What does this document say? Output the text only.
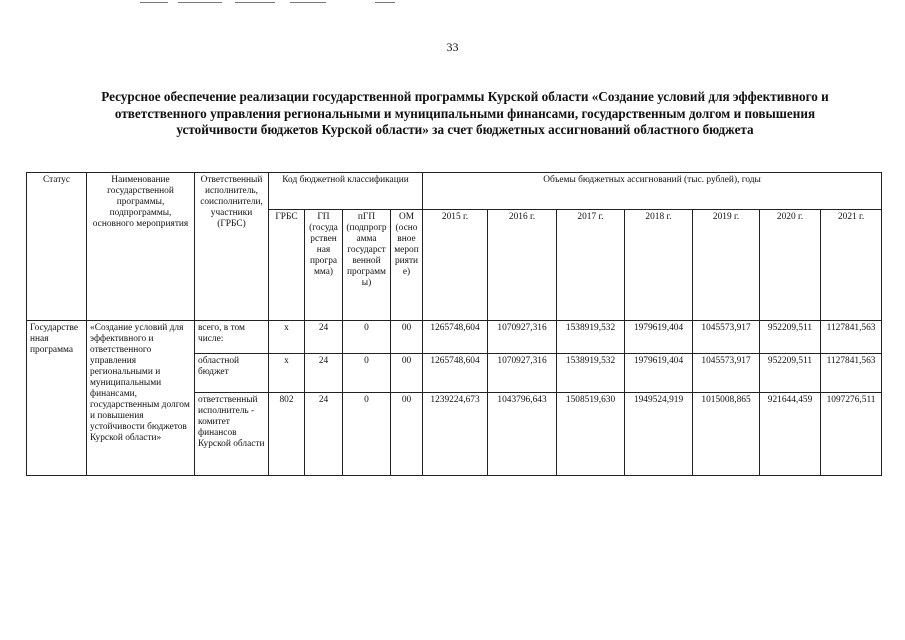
33
Ресурсное обеспечение реализации государственной программы Курской области «Создание условий для эффективного и ответственного управления региональными и муниципальными финансами, государственным долгом и повышения устойчивости бюджетов Курской области» за счет бюджетных ассигнований областного бюджета
Статус	Наименование государственной программы, подпрограммы, основного мероприятия	Ответственный исполнитель, соисполнители, участники (ГРБС)	Код бюджетной классификации				Объемы бюджетных ассигнований (тыс. рублей), годы						
			ГРБС	ГП (государственная программа)	пГП (подпрограмма государственной программы)	ОМ (основное мероприятие)	2015 г.	2016 г.	2017 г.	2018 г.	2019 г.	2020 г.	2021 г.
Государственная программа	«Создание условий для эффективного и ответственного управления региональными и муниципальными финансами, государственным долгом и повышения устойчивости бюджетов Курской области»	всего, в том числе:	х	24	0	00	1265748,604	1070927,316	1538919,532	1979619,404	1045573,917	952209,511	1127841,563
		областной бюджет	х	24	0	00	1265748,604	1070927,316	1538919,532	1979619,404	1045573,917	952209,511	1127841,563
		ответственный исполнитель - комитет финансов Курской области	802	24	0	00	1239224,673	1043796,643	1508519,630	1949524,919	1015008,865	921644,459	1097276,511
